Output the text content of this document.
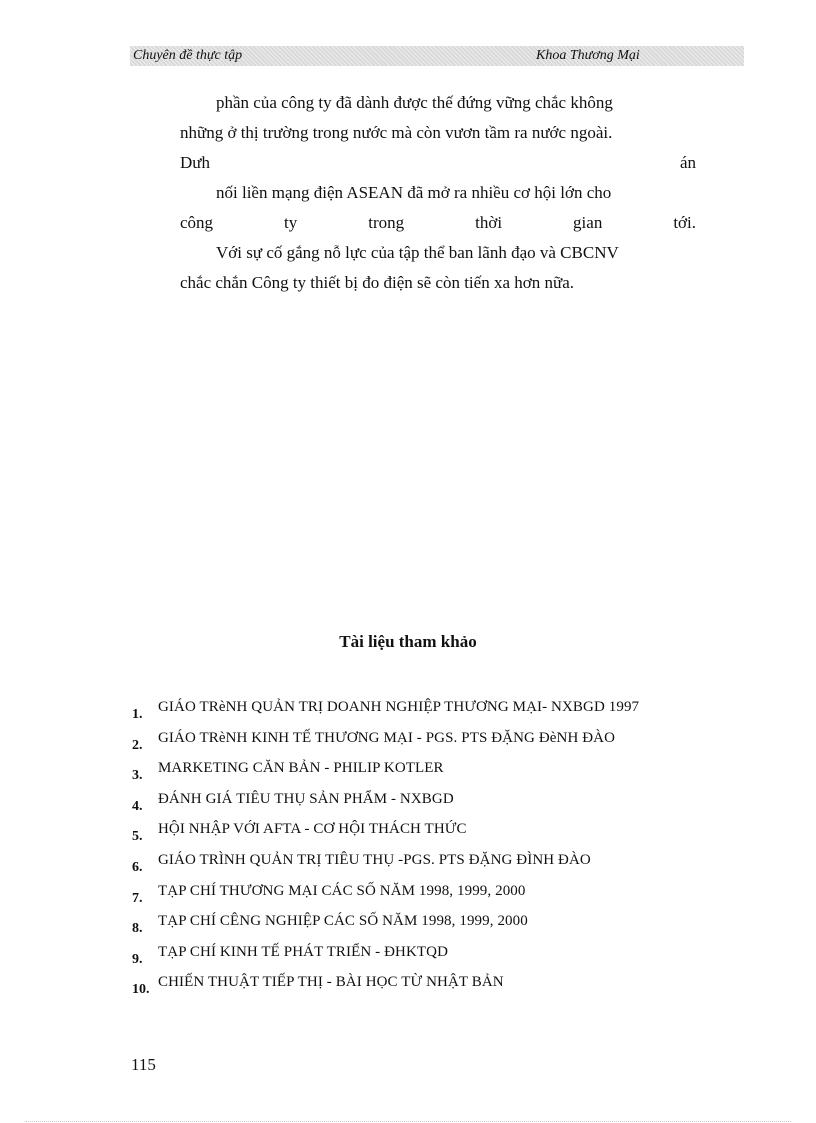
Chuyên đề thực tập	Khoa Thương Mại
phần của công ty đã dành được thế đứng vững chắc không
những ở thị trường trong nước mà còn vươn tầm ra nước ngoài.
Dưh	án
nối liền mạng điện ASEAN đã mở ra nhiều cơ hội lớn cho
công	ty	trong	thời	gian	tới.
Với sự cố gắng nỗ lực của tập thể ban lãnh đạo và CBCNV
chắc chắn Công ty thiết bị đo điện sẽ còn tiến xa hơn nữa.
Tài liệu tham khảo
1. GIÁO TRèNH QUẢN TRỊ DOANH NGHIỆP THƯƠNG MẠI- NXBGD 1997
2. GIÁO TRèNH KINH TẾ THƯƠNG MẠI - PGS. PTS ĐẶNG ĐèNH ĐÀO
3. MARKETING CĂN BẢN - PHILIP KOTLER
4. ĐÁNH GIÁ TIÊU THỤ SẢN PHẨM - NXBGD
5. HỘI NHẬP VỚI AFTA - CƠ HỘI THÁCH THỨC
6. GIÁO TRÌNH QUẢN TRỊ TIÊU THỤ -PGS. PTS ĐẶNG ĐÌNH ĐÀO
7. TẠP CHÍ THƯƠNG MẠI CÁC SỐ NĂM 1998, 1999, 2000
8. TẠP CHÍ CÊNG NGHIỆP CÁC SỐ NĂM 1998, 1999, 2000
9. TẠP CHÍ KINH TẾ PHÁT TRIỂN - ĐHKTQD
10. CHIẾN THUẬT TIẾP THỊ - BÀI HỌC TỪ NHẬT BẢN
115
